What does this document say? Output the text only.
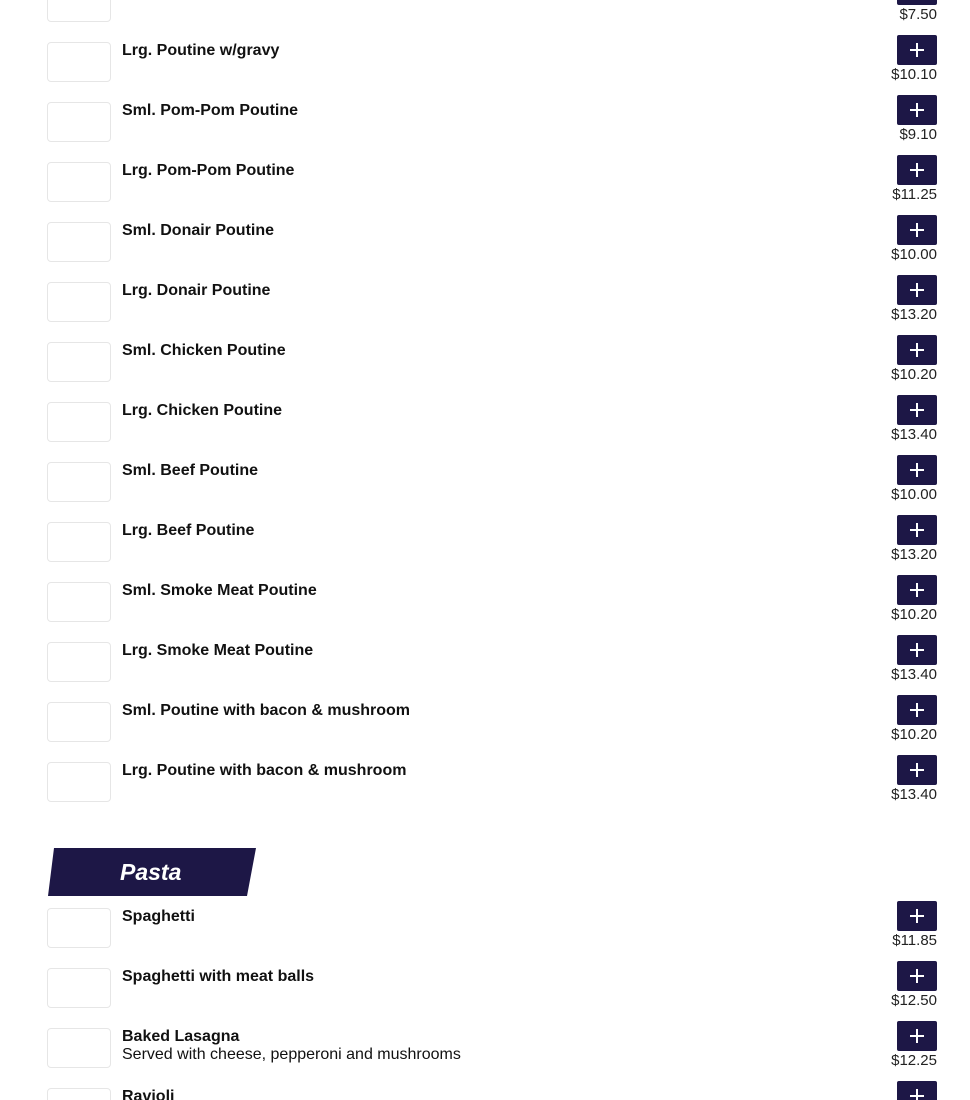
$7.50
Lrg. Poutine w/gravy
$10.10
Sml. Pom-Pom Poutine
$9.10
Lrg. Pom-Pom Poutine
$11.25
Sml. Donair Poutine
$10.00
Lrg. Donair Poutine
$13.20
Sml. Chicken Poutine
$10.20
Lrg. Chicken Poutine
$13.40
Sml. Beef Poutine
$10.00
Lrg. Beef Poutine
$13.20
Sml. Smoke Meat Poutine
$10.20
Lrg. Smoke Meat Poutine
$13.40
Sml. Poutine with bacon & mushroom
$10.20
Lrg. Poutine with bacon & mushroom
$13.40
Pasta
Spaghetti
$11.85
Spaghetti with meat balls
$12.50
Baked Lasagna
Served with cheese, pepperoni and mushrooms	$12.25
Ravioli
